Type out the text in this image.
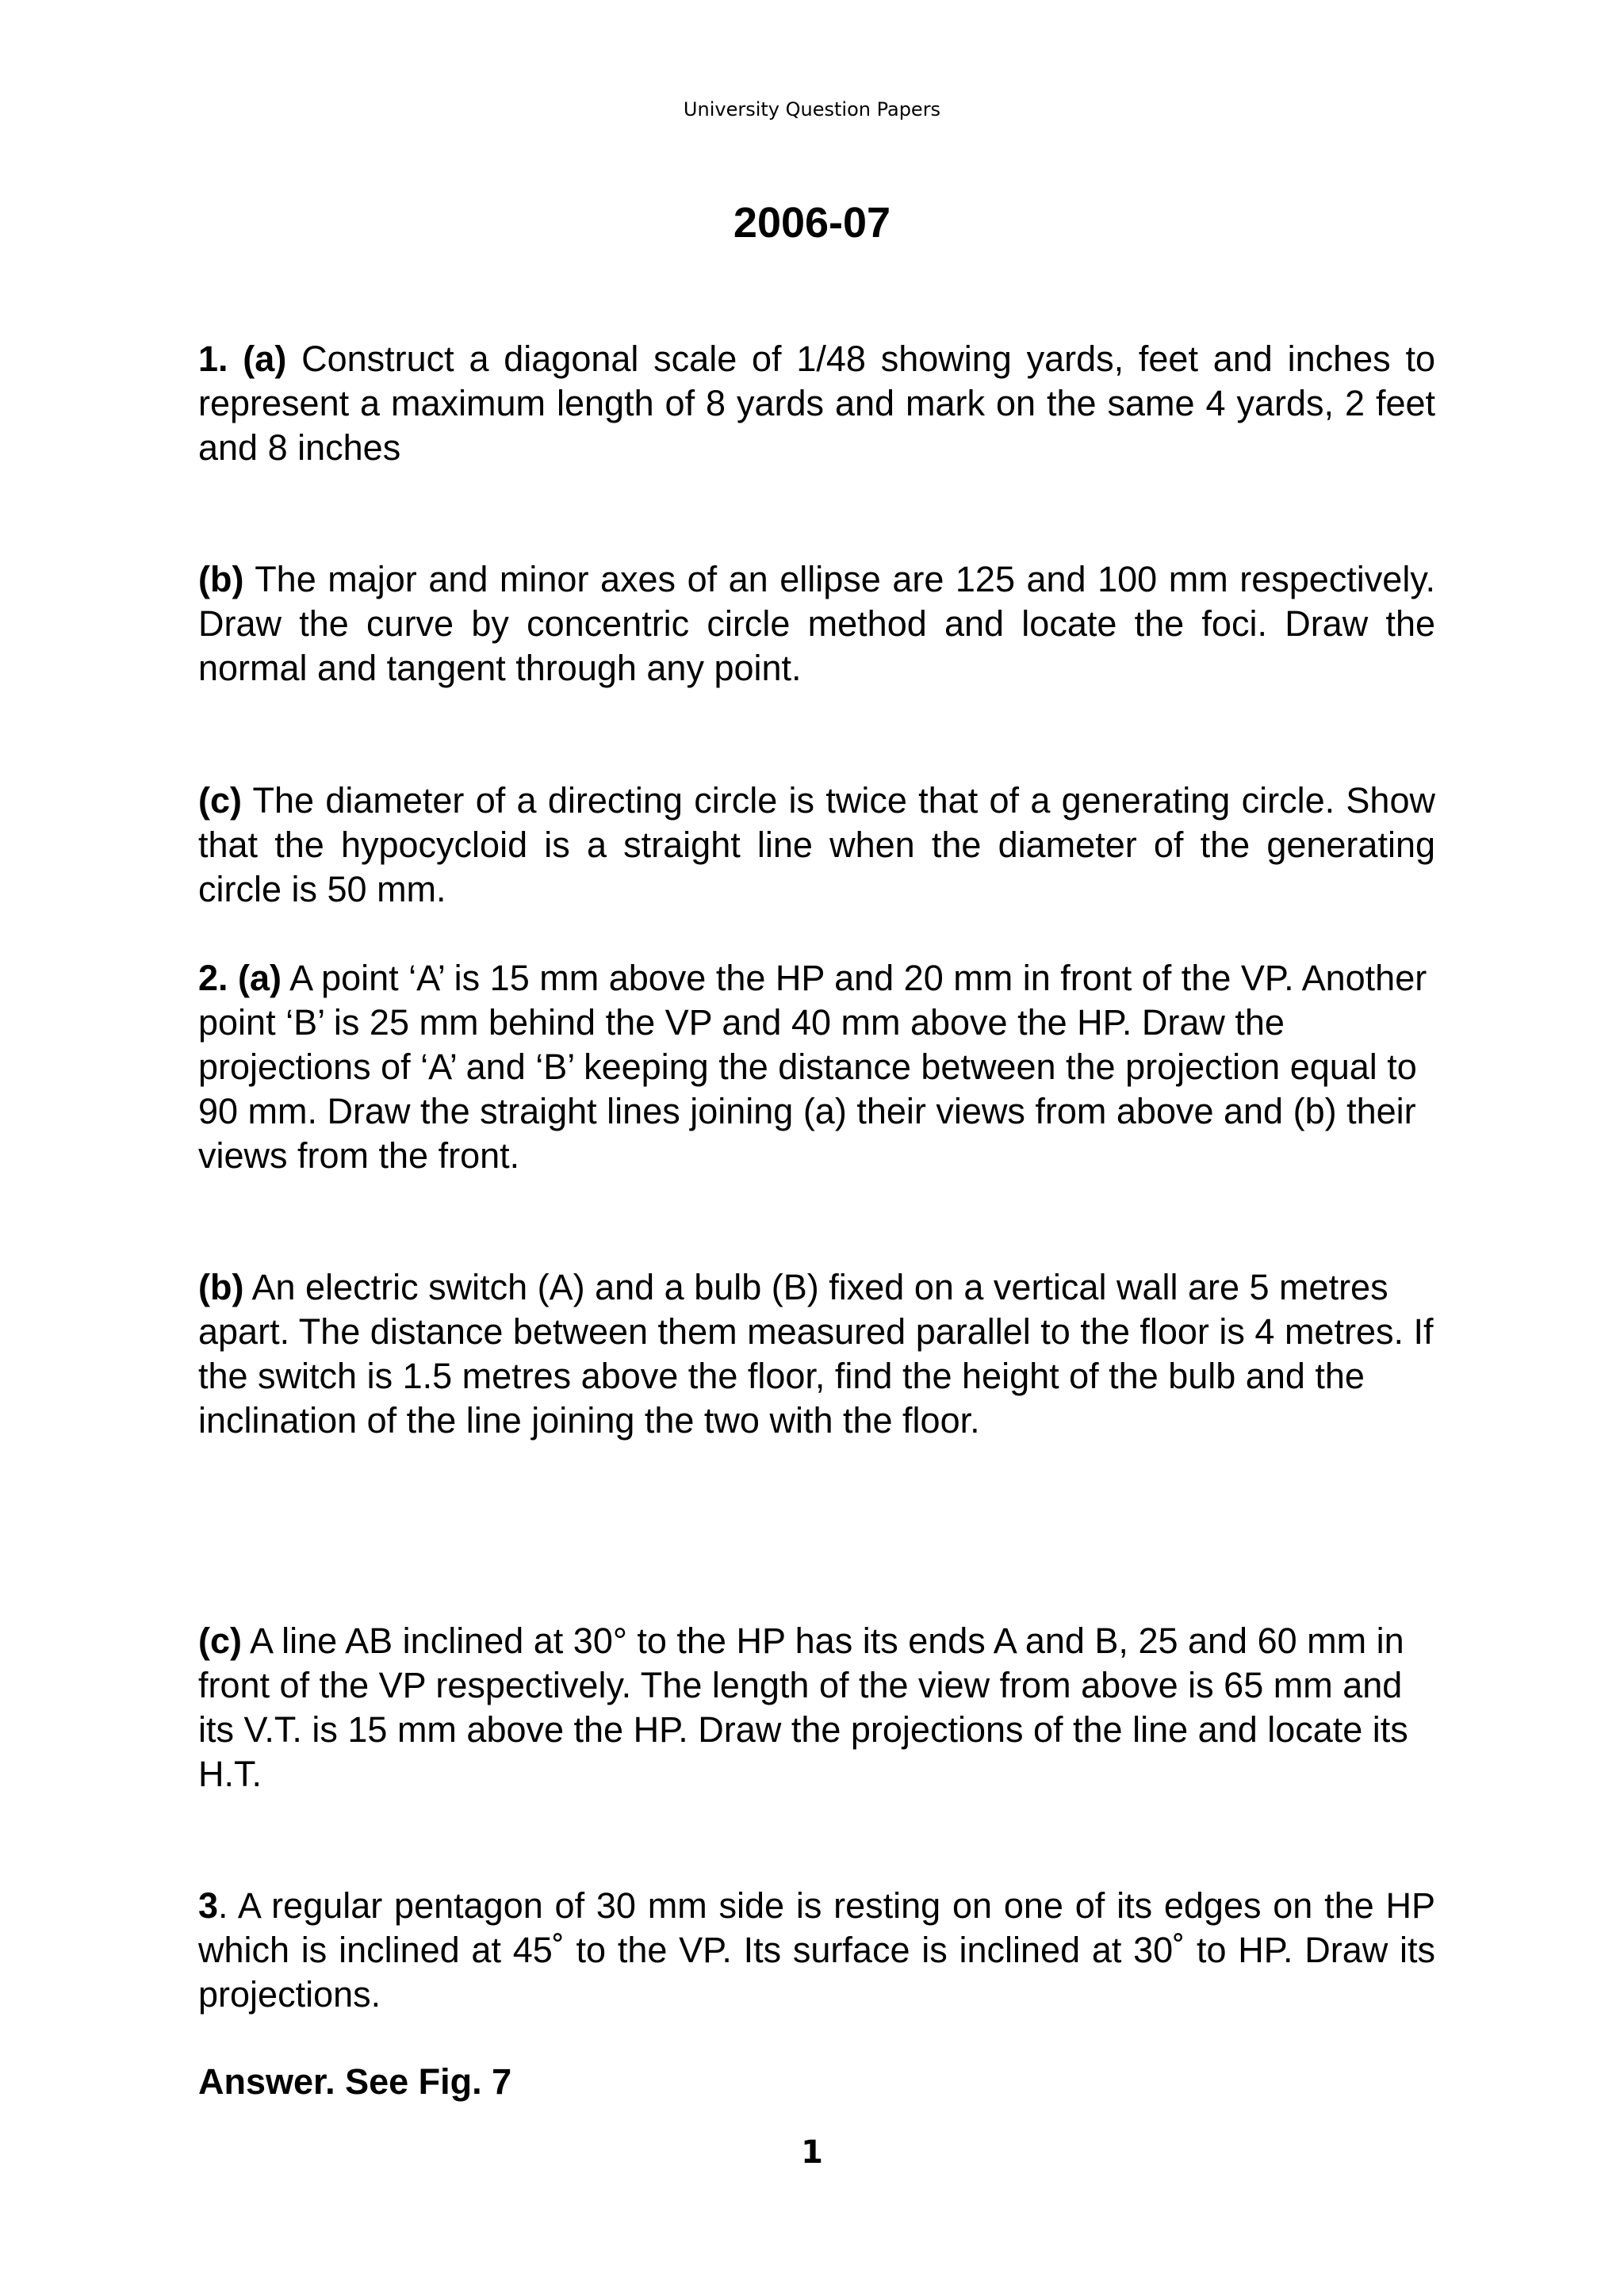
University Question Papers
2006-07

1. (a) Construct a diagonal scale of 1/48 showing yards, feet and inches to represent a maximum length of 8 yards and mark on the same 4 yards, 2 feet and 8 inches

(b) The major and minor axes of an ellipse are 125 and 100 mm respectively. Draw the curve by concentric circle method and locate the foci. Draw the normal and tangent through any point.

(c) The diameter of a directing circle is twice that of a generating circle. Show that the hypocycloid is a straight line when the diameter of the generating circle is 50 mm.

2. (a) A point ‘A’ is 15 mm above the HP and 20 mm in front of the VP. Another point ‘B’ is 25 mm behind the VP and 40 mm above the HP. Draw the projections of ‘A’ and ‘B’ keeping the distance between the projection equal to 90 mm. Draw the straight lines joining (a) their views from above and (b) their views from the front.
(b) An electric switch (A) and a bulb (B) fixed on a vertical wall are 5 metres apart. The distance between them measured parallel to the floor is 4 metres. If the switch is 1.5 metres above the floor, find the height of the bulb and the inclination of the line joining the two with the floor.
(c) A line AB inclined at 30° to the HP has its ends A and B, 25 and 60 mm in front of the VP respectively. The length of the view from above is 65 mm and its V.T. is 15 mm above the HP. Draw the projections of the line and locate its H.T.

3. A regular pentagon of 30 mm side is resting on one of its edges on the HP which is inclined at 45˚ to the VP. Its surface is inclined at 30˚ to HP. Draw its projections.

Answer. See Fig. 7
1
